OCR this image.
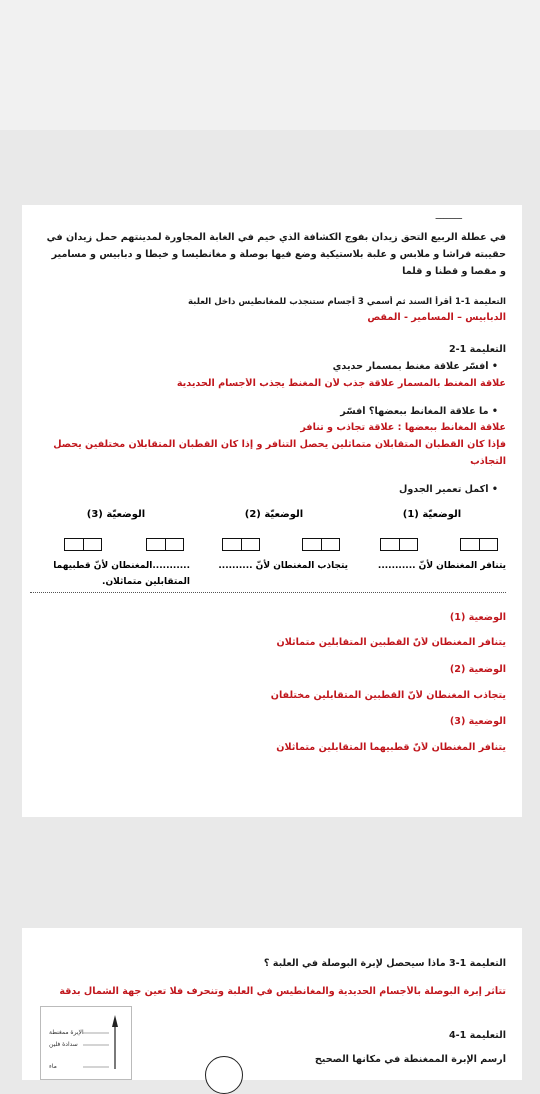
ــــــــــ
في عطلة الربيع التحق زيدان بفوج الكشافة الذي خيم في الغابة المجاورة لمدينتهم حمل زيدان في
حقيبته فراشا و ملابس و علبة بلاستيكية وضع فيها بوصلة و مغانطيسا و خيطا و دبابيس و مسامير
و مقصا و قطنا و قلما
التعليمة 1-1 أقرأ السند ثم أسمي 3 أجسام ستنجذب للمغانطيس داخل العلبة
الدبابيس – المسامير - المقص
التعليمة 1-2
• أفسّر علاقة مغنط بمسمار حديدي
علاقة المغنط بالمسمار علاقة جذب لأن المغنط يجذب الأجسام الحديدية
• ما علاقة المغانط ببعضها؟ أفسّر
علاقة المغانط ببعضها : علاقة تجاذب و تنافر
فإذا كان القطبان المتقابلان متماثلين يحصل التنافر و إذا كان القطبان المتقابلان مختلفين يحصل
التجاذب
• أكمل تعمير الجدول
الوضعيّة (1)
يتنافر المغنطان لأنّ ...........
الوضعيّة (2)
يتجاذب المغنطان لأنّ ..........
الوضعيّة (3)
...........المغنطان لأنّ قطبيهما
المتقابلين متماثلان.
الوضعية (1)
يتنافر المغنطان لأنّ القطبين المتقابلين متماثلان
الوضعية (2)
يتجاذب المغنطان لأنّ القطبين المتقابلين مختلفان
الوضعية (3)
يتنافر المغنطان لأنّ قطبيهما المتقابلين متماثلان
التعليمة 1-3 ماذا سيحصل لإبرة البوصلة في العلبة ؟
تتأثر إبرة البوصلة بالأجسام الحديدية والمغانطيس في العلبة وتنحرف فلا تعين جهة الشمال بدقة
التعليمة 1-4
أرسم الإبرة الممغنطة في مكانها الصحيح
الإبرة ممغنطة
سدادة فلين
ماء
